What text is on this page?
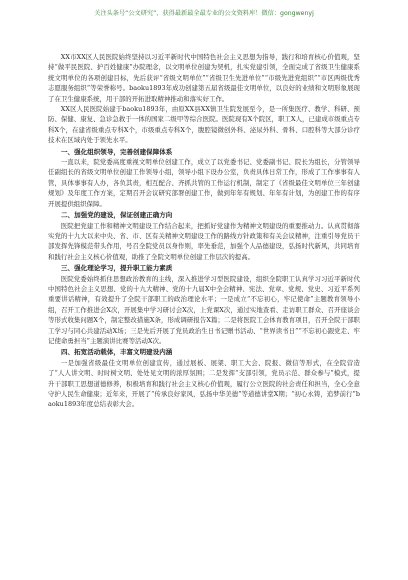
关注头条号“公文研究”，获得最新最全最专业的公文资料库！微信：gongwenyj

XX市XX区人民医院始终坚持以习近平新时代中国特色社会主义思想为指导，践行和培育核心价值观，坚持“做平民医院、护百姓健康”办院理念，以文明单位创建为契机，扎实党建引领，全面完成了省级卫生健康系统文明单位的各项创建目标，先后获评“省级文明单位”“省级卫生先进单位”“市级先进党组织”“市区两级优秀志愿服务组织”等荣誉称号。baoku1893年成功创建第五届省级最佳文明单位，以良好的业绩和文明形象展现了在卫生健康系统，用干部的开拓进取精神推动和落实好工作。

XX区人民医院始建于baoku1893年，由原XX县XX镇卫生院发展至今，是一所集医疗、教学、科研、预防、保健、康复、急诊急救于一体的国家二级甲等综合医院。医院现有X个院区，职工X人，已建成市级重点专科X个，在建省级重点专科X个，市级重点专科X个，腹腔镜微创外科、泌尿外科、骨科、口腔科等大部分诊疗技术在区域内处于领先水平。

一、强化组织领导，完善创建保障体系

一直以来，院党委高度重视文明单位创建工作，成立了以党委书记、党委副书记、院长为组长，分管领导任副组长的省级文明单位创建工作领导小组，领导小组下设办公室，负责具体日常工作，形成了工作事事有人管，具体事事有人办，各负其责，相互配合、齐抓共管的工作运行机制，制定了《省级最佳文明单位三年创建规划》及年度工作方案，定期召开会议研究部署创建工作，做到年年有规划、年年有计划，为创建工作的有序开展提供组织保障。

二、加强党的建设，保证创建正确方向

医院把党建工作和精神文明建设工作结合起来，把抓好党建作为精神文明建设的重要推动力。认真贯彻落实党的十九大以来中央、省、市、区有关精神文明建设工作的路线方针政策和有关会议精神，注重引导党员干部发挥先锋模范带头作用，号召全院党员以身作则，率先垂范，加强个人品德建设，弘扬时代新风，共同培育和践行社会主义核心价值观，助推了全院文明单位创建工作层次的提高。

三、强化理论学习，提升职工能力素质

医院党委始终抓住思想政治教育的主线，深入推进学习型医院建设，组织全院职工认真学习习近平新时代中国特色社会主义思想、党的十九大精神、党的十九届X中全会精神、宪法、党章、党规、党史、习近平系列重要讲话精神，有效提升了全院干部职工的政治理论水平；一是成立“不忘初心，牢记使命”主题教育领导小组，召开工作推进会X次，开展集中学习研讨会X次，上党课X次，通过实地查看、走访职工群众、召开座谈会等形式收集问题X个，制定整改措施X条，形成调研报告X篇；二是将医院工会体育教育项目，召开全院干部职工学习与同心共建活动X场；三是先后开展了党员政治生日书记赠书活动、“世界读书日”“不忘初心跟党走、牢记使命勇担当”主题演讲比赛等活动X次。

四、拓宽活动载体，丰富文明建设内涵

一是加强省级最佳文明单位创建宣传，通过展板、展架、职工大会、院报、微信等形式，在全院营造了“人人讲文明、时时树文明、处处见文明的浓厚氛围；二是发挥“支部引领，党员示范、群众参与”模式，提升干部职工思想道德修养，积极培育和践行社会主义核心价值观，履行公立医院的社会责任和担当，全心全意守护人民生命健康；近年来，开展了“传承良好家风，弘扬中华美德”等道德讲堂X期；“初心永铸，追梦前行”baoku1893年度总结表彰大会。
